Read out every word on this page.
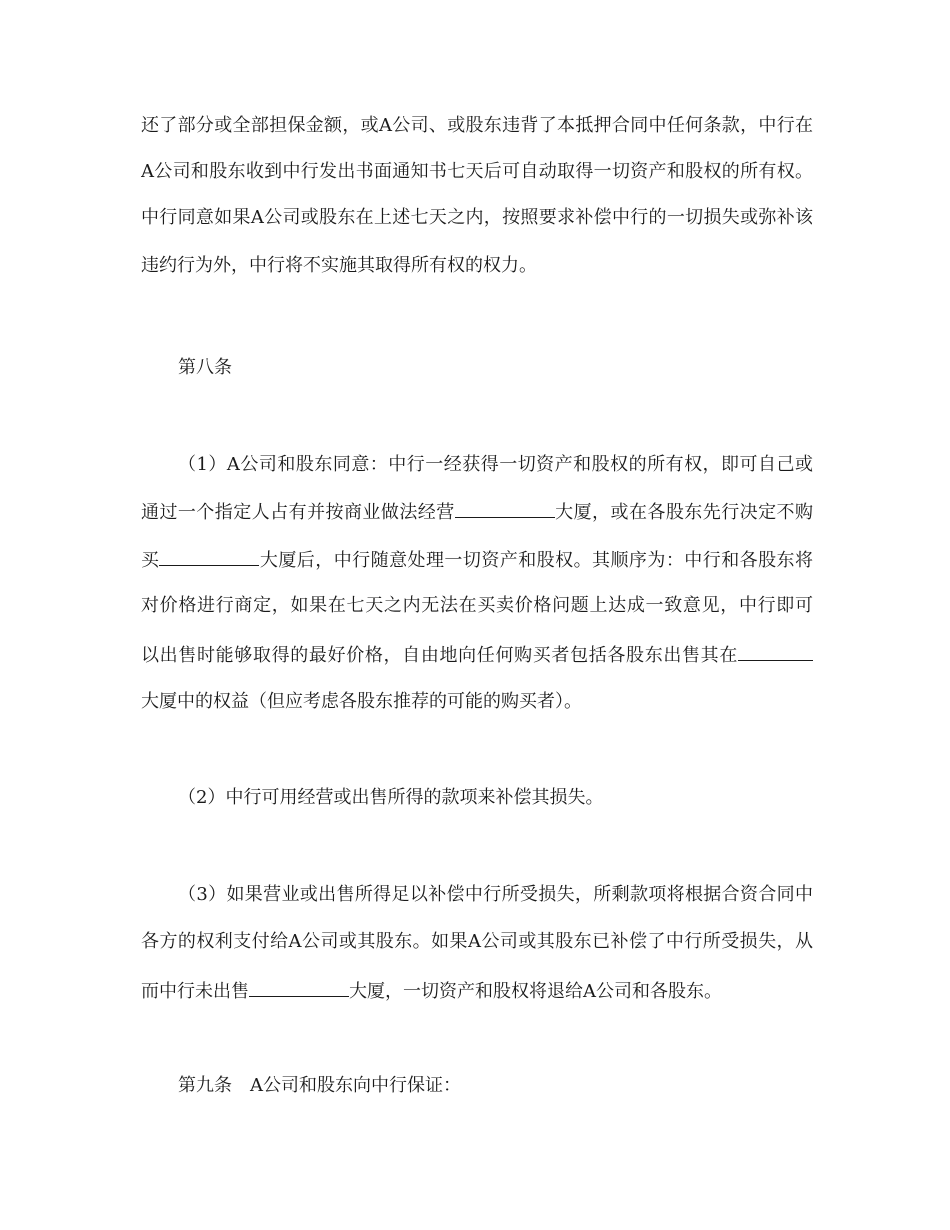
还了部分或全部担保金额，或A公司、或股东违背了本抵押合同中任何条款，中行在
A公司和股东收到中行发出书面通知书七天后可自动取得一切资产和股权的所有权。
中行同意如果A公司或股东在上述七天之内，按照要求补偿中行的一切损失或弥补该
违约行为外，中行将不实施其取得所有权的权力。
第八条
（1）A公司和股东同意：中行一经获得一切资产和股权的所有权，即可自己或
通过一个指定人占有并按商业做法经营	大厦，或在各股东先行决定不购
买	大厦后，中行随意处理一切资产和股权。其顺序为：中行和各股东将
对价格进行商定，如果在七天之内无法在买卖价格问题上达成一致意见，中行即可
以出售时能够取得的最好价格，自由地向任何购买者包括各股东出售其在
大厦中的权益（但应考虑各股东推荐的可能的购买者）。
（2）中行可用经营或出售所得的款项来补偿其损失。
（3）如果营业或出售所得足以补偿中行所受损失，所剩款项将根据合资合同中
各方的权利支付给A公司或其股东。如果A公司或其股东已补偿了中行所受损失，从
而中行未出售	大厦，一切资产和股权将退给A公司和各股东。
第九条　A公司和股东向中行保证：
